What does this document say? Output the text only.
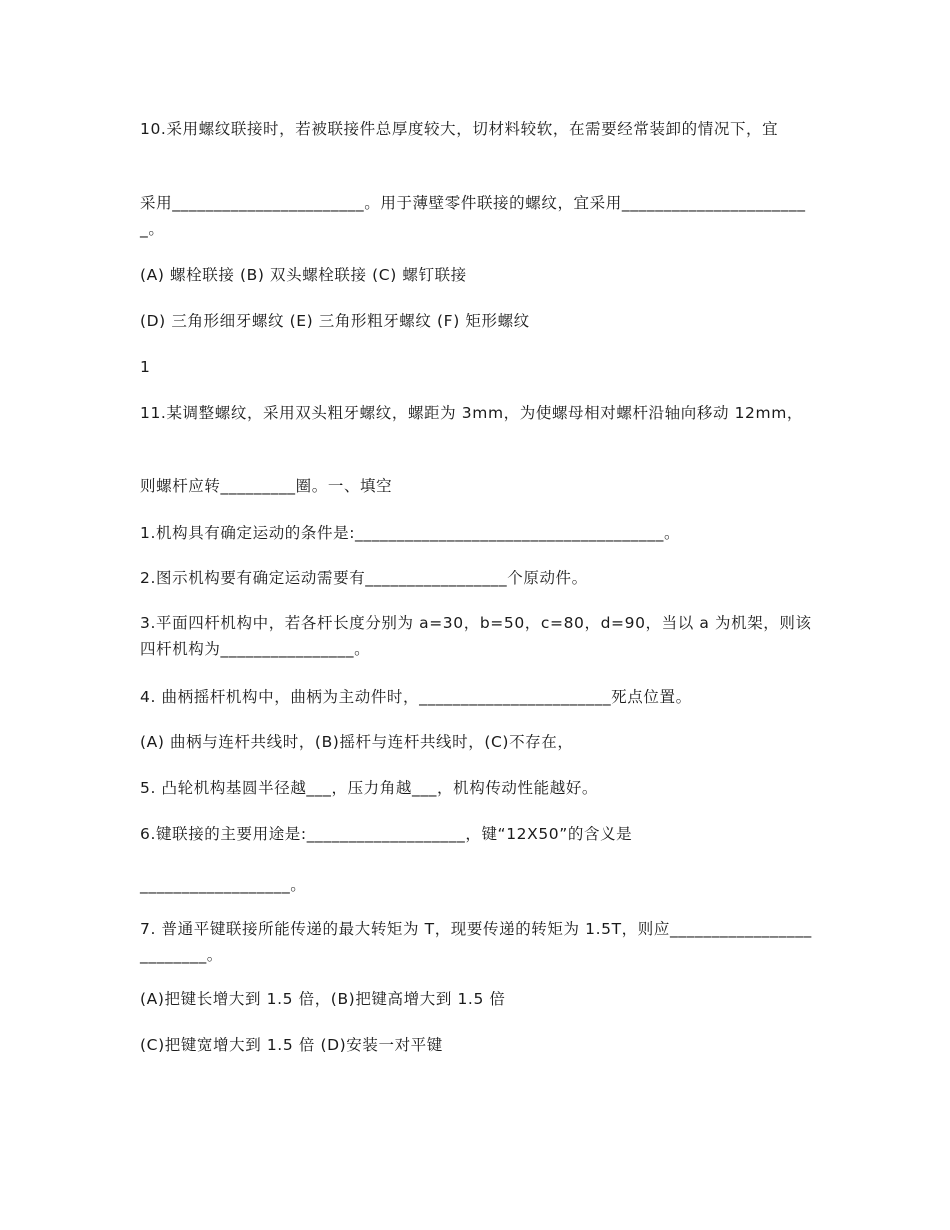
10.采用螺纹联接时，若被联接件总厚度较大，切材料较软，在需要经常装卸的情况下，宜
采用_______________________。用于薄壁零件联接的螺纹，宜采用_______________________。
(A) 螺栓联接 (B) 双头螺栓联接 (C) 螺钉联接
(D) 三角形细牙螺纹 (E) 三角形粗牙螺纹 (F) 矩形螺纹
1
11.某调整螺纹，采用双头粗牙螺纹，螺距为 3mm，为使螺母相对螺杆沿轴向移动 12mm，
则螺杆应转_________圈。一、填空
1.机构具有确定运动的条件是:_____________________________________。
2.图示机构要有确定运动需要有_________________个原动件。
3.平面四杆机构中，若各杆长度分别为 a=30，b=50，c=80，d=90，当以 a 为机架，则该四杆机构为________________。
4. 曲柄摇杆机构中，曲柄为主动件时，_______________________死点位置。
(A) 曲柄与连杆共线时，(B)摇杆与连杆共线时，(C)不存在，
5. 凸轮机构基圆半径越___，压力角越___，机构传动性能越好。
6.键联接的主要用途是:___________________，键“12X50”的含义是
__________________。
7. 普通平键联接所能传递的最大转矩为 T，现要传递的转矩为 1.5T，则应_________________________。
(A)把键长增大到 1.5 倍，(B)把键高增大到 1.5 倍
(C)把键宽增大到 1.5 倍 (D)安装一对平键
